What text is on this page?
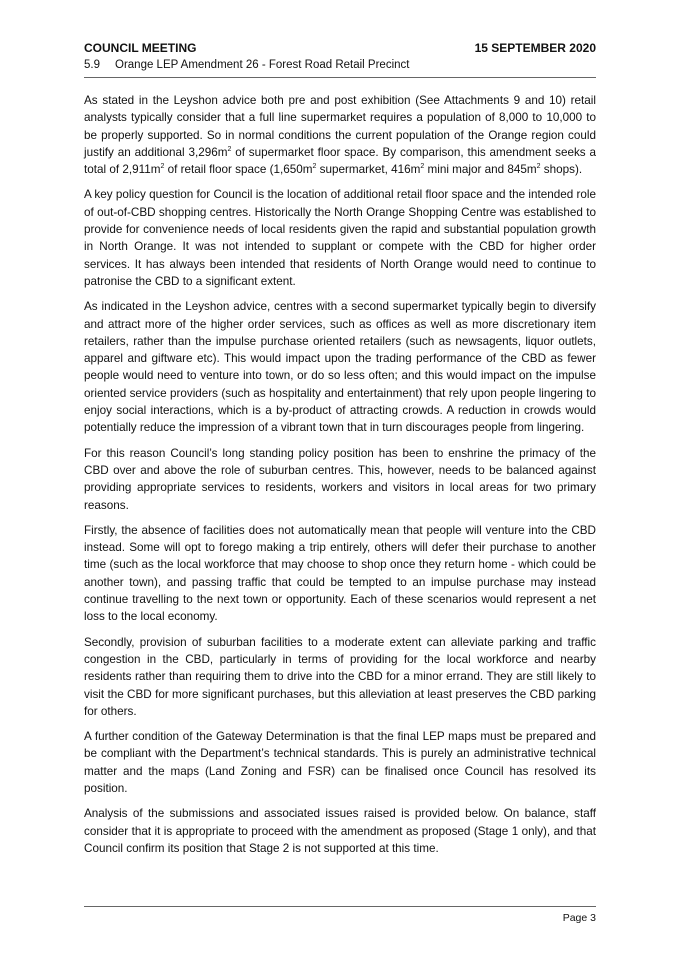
COUNCIL MEETING	15 SEPTEMBER 2020
5.9 Orange LEP Amendment 26 - Forest Road Retail Precinct

As stated in the Leyshon advice both pre and post exhibition (See Attachments 9 and 10) retail analysts typically consider that a full line supermarket requires a population of 8,000 to 10,000 to be properly supported. So in normal conditions the current population of the Orange region could justify an additional $3,296m^2$ of supermarket floor space. By comparison, this amendment seeks a total of $2,911m^2$ of retail floor space ($1,650m^2$ supermarket, $416m^2$ mini major and $845m^2$ shops).

A key policy question for Council is the location of additional retail floor space and the intended role of out-of-CBD shopping centres. Historically the North Orange Shopping Centre was established to provide for convenience needs of local residents given the rapid and substantial population growth in North Orange. It was not intended to supplant or compete with the CBD for higher order services. It has always been intended that residents of North Orange would need to continue to patronise the CBD to a significant extent.

As indicated in the Leyshon advice, centres with a second supermarket typically begin to diversify and attract more of the higher order services, such as offices as well as more discretionary item retailers, rather than the impulse purchase oriented retailers (such as newsagents, liquor outlets, apparel and giftware etc). This would impact upon the trading performance of the CBD as fewer people would need to venture into town, or do so less often; and this would impact on the impulse oriented service providers (such as hospitality and entertainment) that rely upon people lingering to enjoy social interactions, which is a by-product of attracting crowds. A reduction in crowds would potentially reduce the impression of a vibrant town that in turn discourages people from lingering.

For this reason Council’s long standing policy position has been to enshrine the primacy of the CBD over and above the role of suburban centres. This, however, needs to be balanced against providing appropriate services to residents, workers and visitors in local areas for two primary reasons.

Firstly, the absence of facilities does not automatically mean that people will venture into the CBD instead. Some will opt to forego making a trip entirely, others will defer their purchase to another time (such as the local workforce that may choose to shop once they return home - which could be another town), and passing traffic that could be tempted to an impulse purchase may instead continue travelling to the next town or opportunity. Each of these scenarios would represent a net loss to the local economy.

Secondly, provision of suburban facilities to a moderate extent can alleviate parking and traffic congestion in the CBD, particularly in terms of providing for the local workforce and nearby residents rather than requiring them to drive into the CBD for a minor errand. They are still likely to visit the CBD for more significant purchases, but this alleviation at least preserves the CBD parking for others.

A further condition of the Gateway Determination is that the final LEP maps must be prepared and be compliant with the Department’s technical standards. This is purely an administrative technical matter and the maps (Land Zoning and FSR) can be finalised once Council has resolved its position.

Analysis of the submissions and associated issues raised is provided below. On balance, staff consider that it is appropriate to proceed with the amendment as proposed (Stage 1 only), and that Council confirm its position that Stage 2 is not supported at this time.

Page 3
